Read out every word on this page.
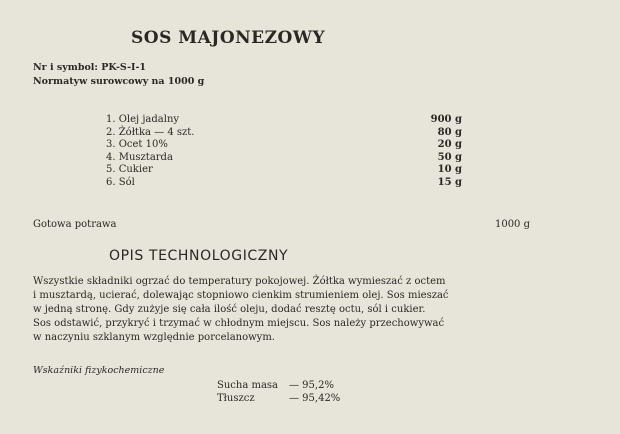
SOS MAJONEZOWY
Nr i symbol: PK-S-I-1
Normatyw surowcowy na 1000 g
1. Olej jadalny	900 g
2. Żółtka — 4 szt.	80 g
3. Ocet 10%	20 g
4. Musztarda	50 g
5. Cukier	10 g
6. Sól	15 g
Gotowa potrawa	1000 g
OPIS TECHNOLOGICZNY
Wszystkie składniki ogrzać do temperatury pokojowej. Żółtka wymieszać z octem
i musztardą, ucierać, dolewając stopniowo cienkim strumieniem olej. Sos mieszać
w jedną stronę. Gdy zużyje się cała ilość oleju, dodać resztę octu, sól i cukier.
Sos odstawić, przykryć i trzymać w chłodnym miejscu. Sos należy przechowywać
w naczyniu szklanym względnie porcelanowym.
Wskaźniki fizykochemiczne
Sucha masa	— 95,2%
Tłuszcz	— 95,42%
